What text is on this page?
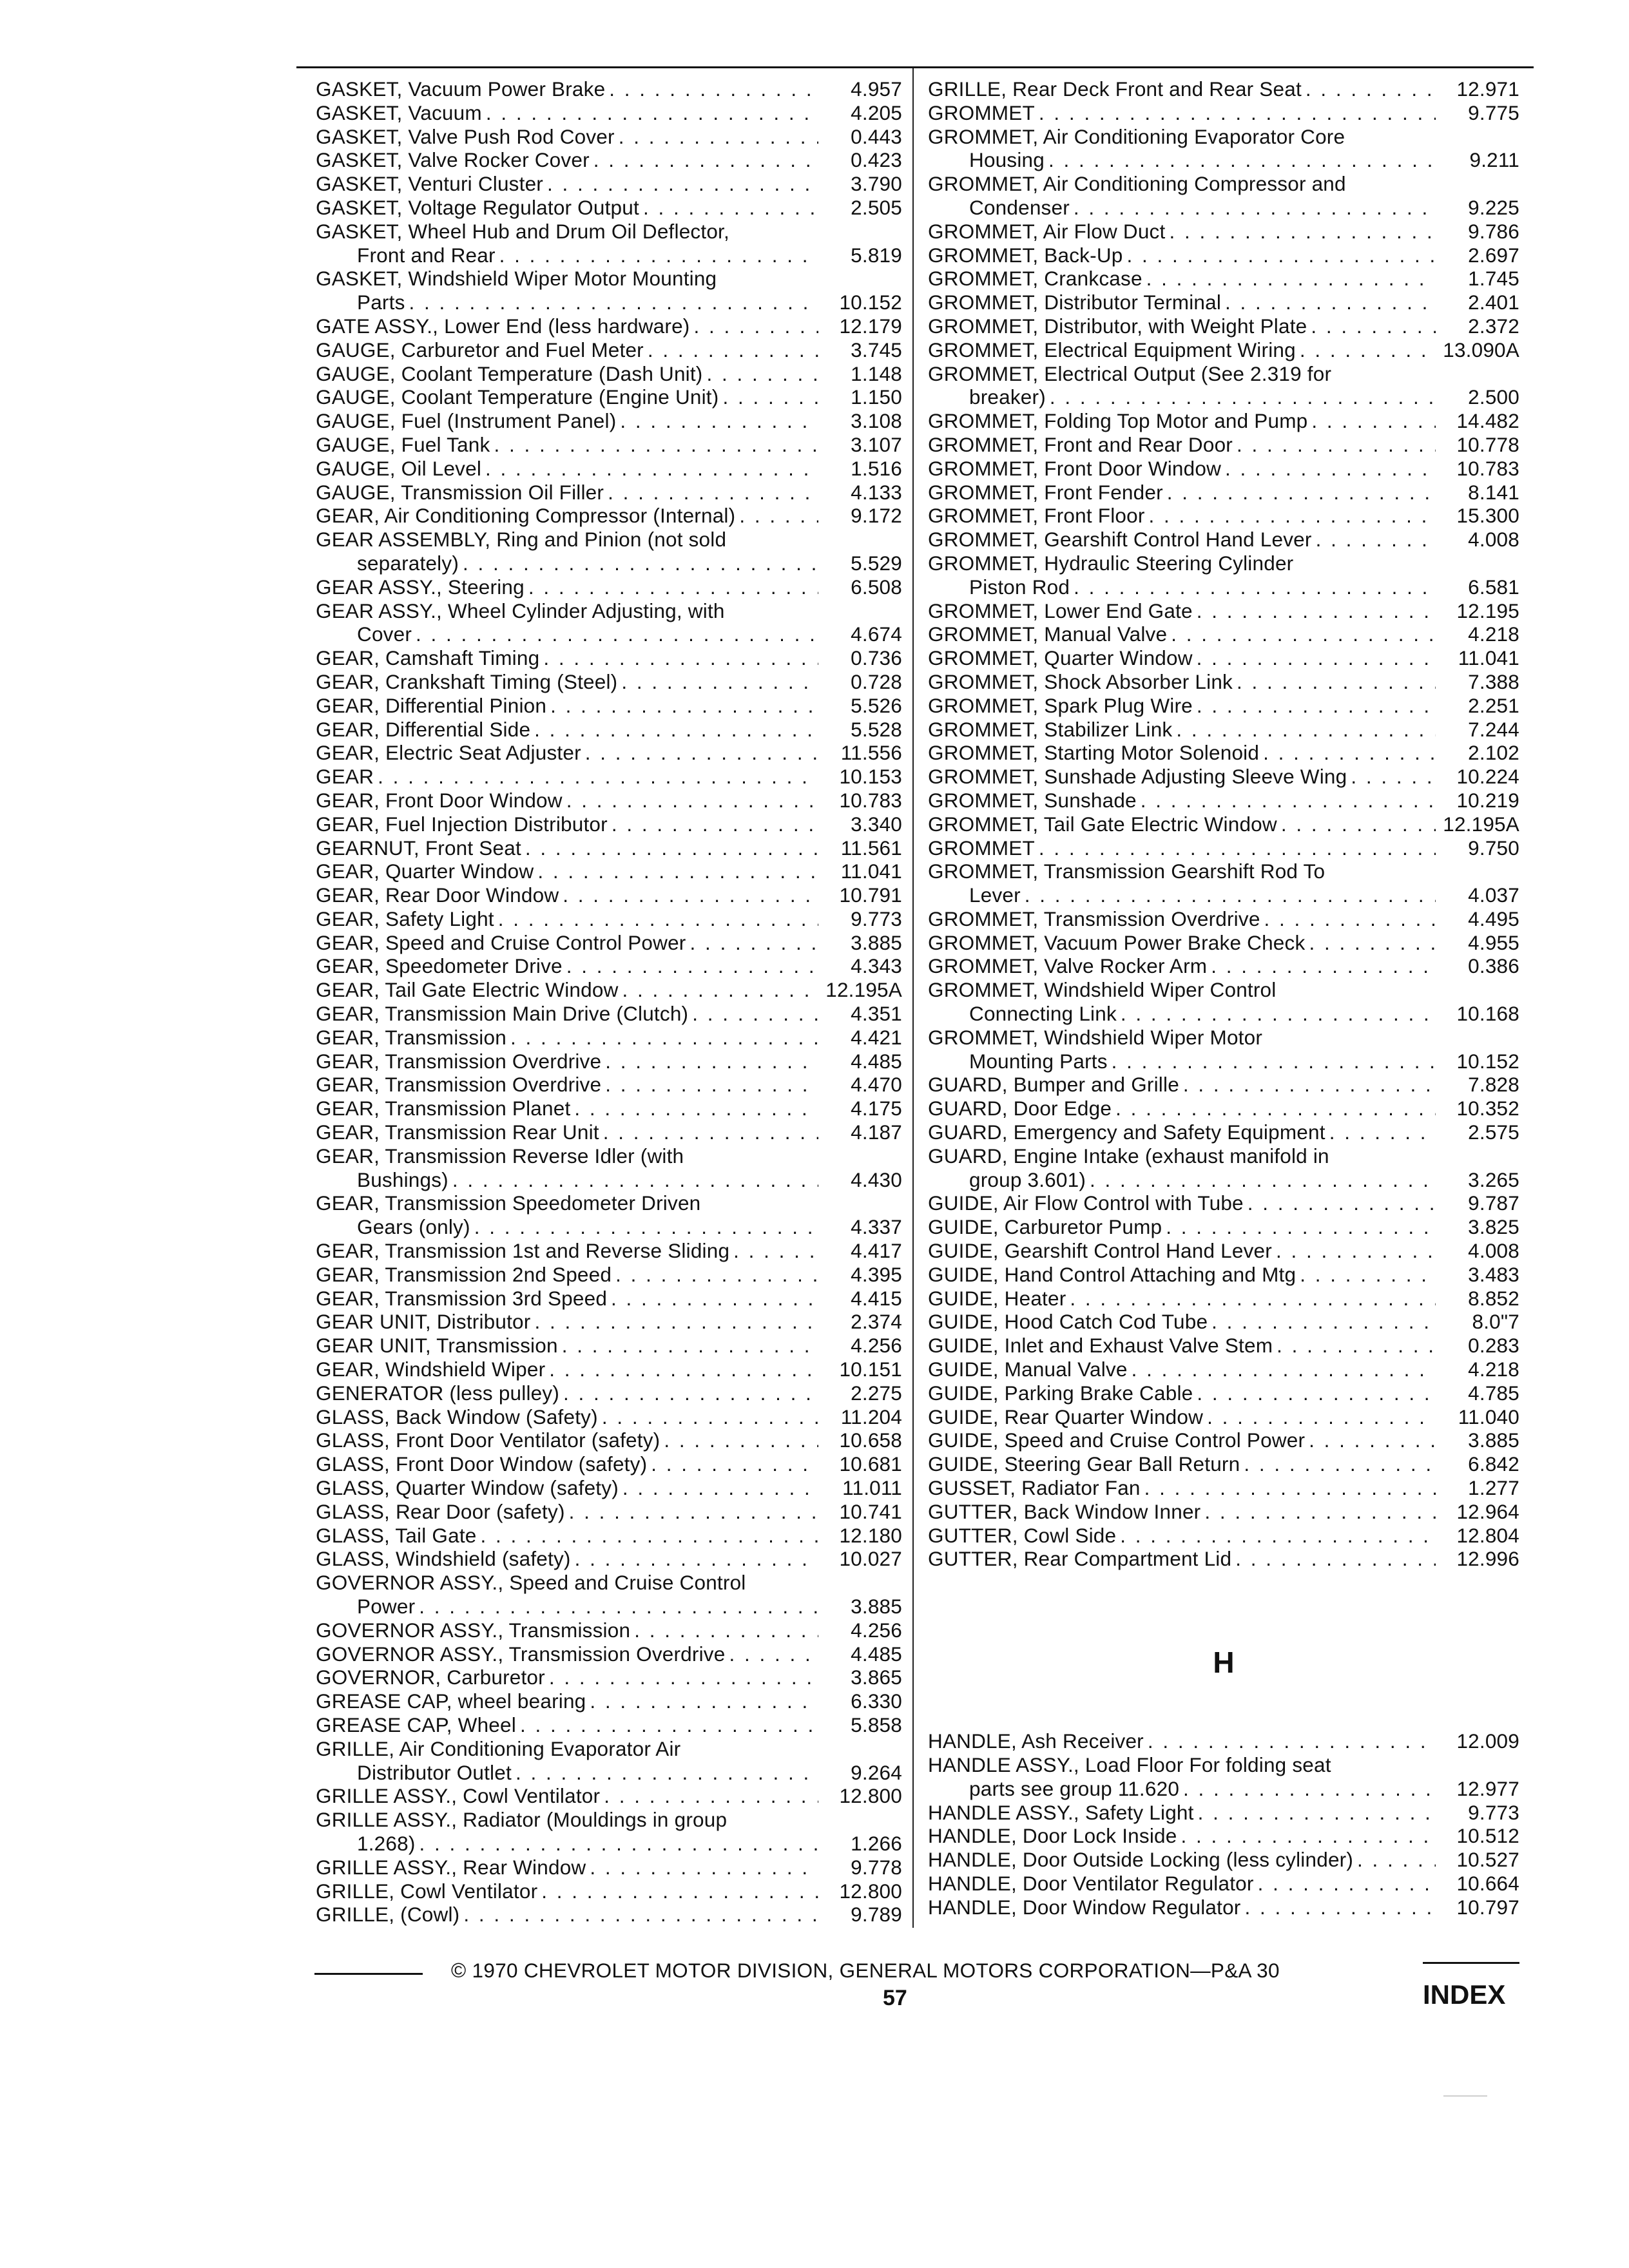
GASKET, Vacuum Power Brake . . .	4.957
GASKET, Vacuum . . .	4.205
GASKET, Valve Push Rod Cover . . .	0.443
GASKET, Valve Rocker Cover . . .	0.423
GASKET, Venturi Cluster . . .	3.790
GASKET, Voltage Regulator Output . . .	2.505
GASKET, Wheel Hub and Drum Oil Deflector,
Front and Rear . . .	5.819
GASKET, Windshield Wiper Motor Mounting
Parts . . .	10.152
GATE ASSY., Lower End (less hardware) . . .	12.179
GAUGE, Carburetor and Fuel Meter . . .	3.745
GAUGE, Coolant Temperature (Dash Unit) . . .	1.148
GAUGE, Coolant Temperature (Engine Unit) . . .	1.150
GAUGE, Fuel (Instrument Panel) . . .	3.108
GAUGE, Fuel Tank . . .	3.107
GAUGE, Oil Level . . .	1.516
GAUGE, Transmission Oil Filler . . .	4.133
GEAR, Air Conditioning Compressor (Internal) . . .	9.172
GEAR ASSEMBLY, Ring and Pinion (not sold
separately) . . .	5.529
GEAR ASSY., Steering . . .	6.508
GEAR ASSY., Wheel Cylinder Adjusting, with
Cover . . .	4.674
GEAR, Camshaft Timing . . .	0.736
GEAR, Crankshaft Timing (Steel) . . .	0.728
GEAR, Differential Pinion . . .	5.526
GEAR, Differential Side . . .	5.528
GEAR, Electric Seat Adjuster . . .	11.556
GEAR . . .	10.153
GEAR, Front Door Window . . .	10.783
GEAR, Fuel Injection Distributor . . .	3.340
GEARNUT, Front Seat . . .	11.561
GEAR, Quarter Window . . .	11.041
GEAR, Rear Door Window . . .	10.791
GEAR, Safety Light . . .	9.773
GEAR, Speed and Cruise Control Power . . .	3.885
GEAR, Speedometer Drive . . .	4.343
GEAR, Tail Gate Electric Window . . .	12.195A
GEAR, Transmission Main Drive (Clutch) . . .	4.351
GEAR, Transmission . . .	4.421
GEAR, Transmission Overdrive . . .	4.485
GEAR, Transmission Overdrive . . .	4.470
GEAR, Transmission Planet . . .	4.175
GEAR, Transmission Rear Unit . . .	4.187
GEAR, Transmission Reverse Idler (with
Bushings) . . .	4.430
GEAR, Transmission Speedometer Driven
Gears (only) . . .	4.337
GEAR, Transmission 1st and Reverse Sliding . . .	4.417
GEAR, Transmission 2nd Speed . . .	4.395
GEAR, Transmission 3rd Speed . . .	4.415
GEAR UNIT, Distributor . . .	2.374
GEAR UNIT, Transmission . . .	4.256
GEAR, Windshield Wiper . . .	10.151
GENERATOR (less pulley) . . .	2.275
GLASS, Back Window (Safety) . . .	11.204
GLASS, Front Door Ventilator (safety) . . .	10.658
GLASS, Front Door Window (safety) . . .	10.681
GLASS, Quarter Window (safety) . . .	11.011
GLASS, Rear Door (safety) . . .	10.741
GLASS, Tail Gate . . .	12.180
GLASS, Windshield (safety) . . .	10.027
GOVERNOR ASSY., Speed and Cruise Control
Power . . .	3.885
GOVERNOR ASSY., Transmission . . .	4.256
GOVERNOR ASSY., Transmission Overdrive . . .	4.485
GOVERNOR, Carburetor . . .	3.865
GREASE CAP, wheel bearing . . .	6.330
GREASE CAP, Wheel . . .	5.858
GRILLE, Air Conditioning Evaporator Air
Distributor Outlet . . .	9.264
GRILLE ASSY., Cowl Ventilator . . .	12.800
GRILLE ASSY., Radiator (Mouldings in group
1.268) . . .	1.266
GRILLE ASSY., Rear Window . . .	9.778
GRILLE, Cowl Ventilator . . .	12.800
GRILLE, (Cowl) . . .	9.789
GRILLE, Rear Deck Front and Rear Seat . . .	12.971
GROMMET . . .	9.775
GROMMET, Air Conditioning Evaporator Core
Housing . . .	9.211
GROMMET, Air Conditioning Compressor and
Condenser . . .	9.225
GROMMET, Air Flow Duct . . .	9.786
GROMMET, Back-Up . . .	2.697
GROMMET, Crankcase . . .	1.745
GROMMET, Distributor Terminal . . .	2.401
GROMMET, Distributor, with Weight Plate . . .	2.372
GROMMET, Electrical Equipment Wiring . . .	13.090A
GROMMET, Electrical Output (See 2.319 for
breaker) . . .	2.500
GROMMET, Folding Top Motor and Pump . . .	14.482
GROMMET, Front and Rear Door . . .	10.778
GROMMET, Front Door Window . . .	10.783
GROMMET, Front Fender . . .	8.141
GROMMET, Front Floor . . .	15.300
GROMMET, Gearshift Control Hand Lever . . .	4.008
GROMMET, Hydraulic Steering Cylinder
Piston Rod . . .	6.581
GROMMET, Lower End Gate . . .	12.195
GROMMET, Manual Valve . . .	4.218
GROMMET, Quarter Window . . .	11.041
GROMMET, Shock Absorber Link . . .	7.388
GROMMET, Spark Plug Wire . . .	2.251
GROMMET, Stabilizer Link . . .	7.244
GROMMET, Starting Motor Solenoid . . .	2.102
GROMMET, Sunshade Adjusting Sleeve Wing . . .	10.224
GROMMET, Sunshade . . .	10.219
GROMMET, Tail Gate Electric Window . . .	12.195A
GROMMET . . .	9.750
GROMMET, Transmission Gearshift Rod To
Lever . . .	4.037
GROMMET, Transmission Overdrive . . .	4.495
GROMMET, Vacuum Power Brake Check . . .	4.955
GROMMET, Valve Rocker Arm . . .	0.386
GROMMET, Windshield Wiper Control
Connecting Link . . .	10.168
GROMMET, Windshield Wiper Motor
Mounting Parts . . .	10.152
GUARD, Bumper and Grille . . .	7.828
GUARD, Door Edge . . .	10.352
GUARD, Emergency and Safety Equipment . . .	2.575
GUARD, Engine Intake (exhaust manifold in
group 3.601) . . .	3.265
GUIDE, Air Flow Control with Tube . . .	9.787
GUIDE, Carburetor Pump . . .	3.825
GUIDE, Gearshift Control Hand Lever . . .	4.008
GUIDE, Hand Control Attaching and Mtg . . .	3.483
GUIDE, Heater . . .	8.852
GUIDE, Hood Catch Cod Tube . . .	8.0"7
GUIDE, Inlet and Exhaust Valve Stem . . .	0.283
GUIDE, Manual Valve . . .	4.218
GUIDE, Parking Brake Cable . . .	4.785
GUIDE, Rear Quarter Window . . .	11.040
GUIDE, Speed and Cruise Control Power . . .	3.885
GUIDE, Steering Gear Ball Return . . .	6.842
GUSSET, Radiator Fan . . .	1.277
GUTTER, Back Window Inner . . .	12.964
GUTTER, Cowl Side . . .	12.804
GUTTER, Rear Compartment Lid . . .	12.996
H
HANDLE, Ash Receiver . . .	12.009
HANDLE ASSY., Load Floor For folding seat
parts see group 11.620 . . .	12.977
HANDLE ASSY., Safety Light . . .	9.773
HANDLE, Door Lock Inside . . .	10.512
HANDLE, Door Outside Locking (less cylinder) . . .	10.527
HANDLE, Door Ventilator Regulator . . .	10.664
HANDLE, Door Window Regulator . . .	10.797
© 1970 CHEVROLET MOTOR DIVISION, GENERAL MOTORS CORPORATION—P&A 30
57	INDEX
